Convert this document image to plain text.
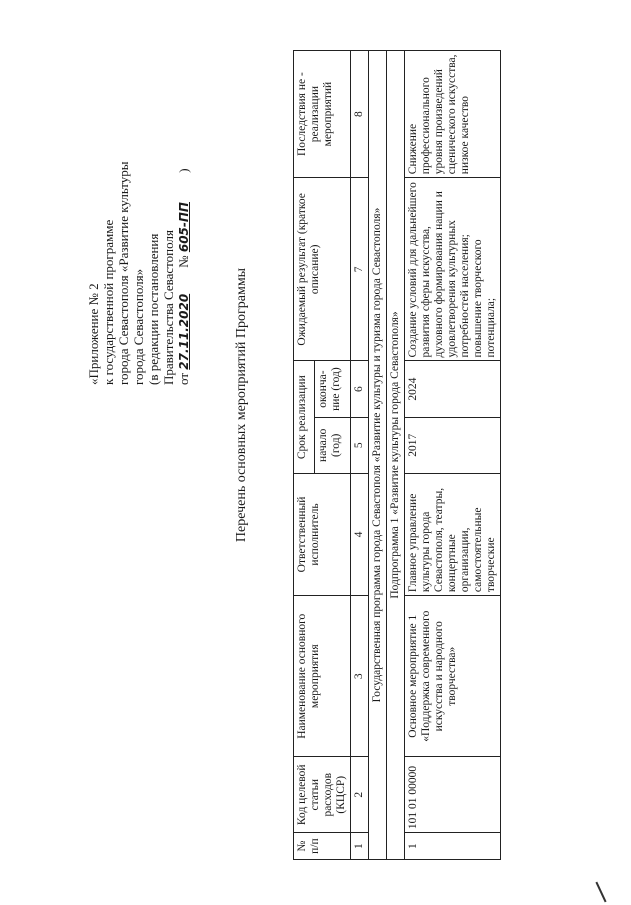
«Приложение № 2 к государственной программе города Севастополя «Развитие культуры города Севастополя» (в редакции постановления Правительства Севастополя от 27.11.2020        № 605-ПП         )
Перечень основных мероприятий Программы
№ п/п	Код целевой статьи расходов (КЦСР)	Наименование основного мероприятия	Ответственный исполнитель	Срок реализации		Ожидаемый результат (краткое описание)	Последствия не - реализации мероприятий
				начало (год)	оконча-ние (год)		
1	2	3	4	5	6	7	8
Государственная программа города Севастополя «Развитие культуры и туризма города Севастополя»							
Подпрограмма 1 «Развитие культуры города Севастополя»							
1	101 01 00000	Основное мероприятие 1 «Поддержка современного искусства и народного творчества»	Главное управление культуры города Севастополя, театры, концертные организации, самостоятельные творческие	2017	2024	Создание условий для дальнейшего развития сферы искусства, духовного формирования нации и удовлетворения культурных потребностей населения; повышение творческого потенциала;	Снижение профессионального уровня произведений сценического искусства, низкое качество
